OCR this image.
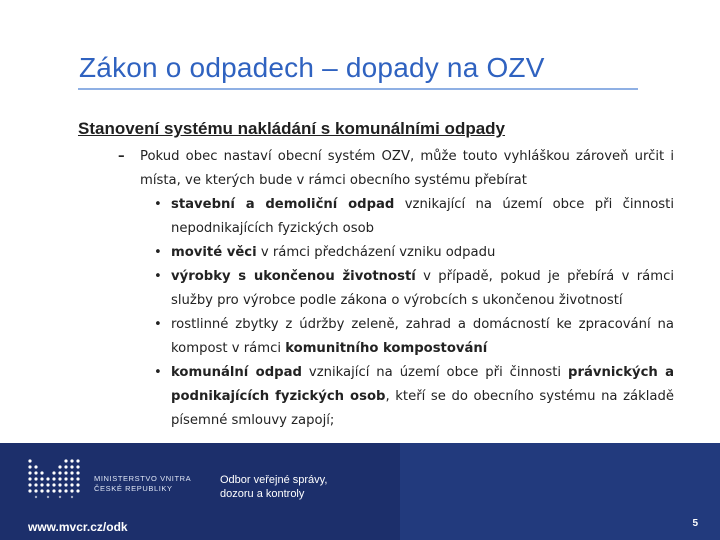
Zákon o odpadech – dopady na OZV
Stanovení systému nakládání s komunálními odpady
– Pokud obec nastaví obecní systém OZV, může touto vyhláškou zároveň určit i místa, ve kterých bude v rámci obecního systému přebírat
• stavební a demoliční odpad vznikající na území obce při činnosti nepodnikajících fyzických osob
• movité věci v rámci předcházení vzniku odpadu
• výrobky s ukončenou životností v případě, pokud je přebírá v rámci služby pro výrobce podle zákona o výrobcích s ukončenou životností
• rostlinné zbytky z údržby zeleně, zahrad a domácností ke zpracování na kompost v rámci komunitního kompostování
• komunální odpad vznikající na území obce při činnosti právnických a podnikajících fyzických osob, kteří se do obecního systému na základě písemné smlouvy zapojí;
MINISTERSTVO VNITRA
ČESKÉ REPUBLIKY
Odbor veřejné správy,
dozoru a kontroly
www.mvcr.cz/odk	5
